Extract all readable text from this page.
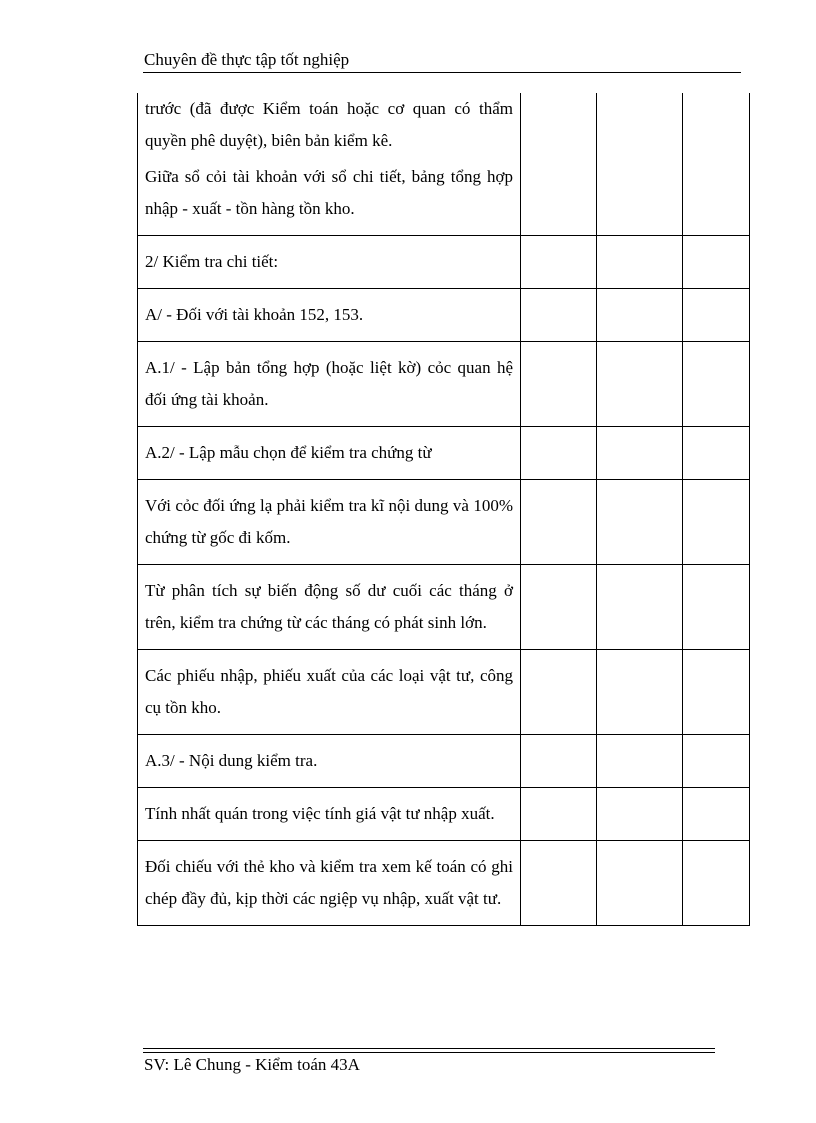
Chuyên đề thực tập tốt nghiệp
trước (đã được Kiểm toán hoặc cơ quan có thẩm quyền phê duyệt), biên bản kiểm kê.
Giữa sổ cỏi tài khoản với sổ chi tiết, bảng tổng hợp nhập - xuất - tồn hàng tồn kho.			

2/ Kiểm tra chi tiết:			

A/ - Đối với tài khoản 152, 153.			

A.1/ - Lập bản tổng hợp (hoặc liệt kờ) cỏc quan hệ đối ứng tài khoản.			

A.2/ - Lập mẫu chọn để kiểm tra chứng từ			

Với cỏc đối ứng lạ phải kiểm tra kĩ nội dung và 100% chứng từ gốc đi kốm.			

Từ phân tích sự biến động số dư cuối các tháng ở trên, kiểm tra chứng từ các tháng có phát sinh lớn.			

Các phiếu nhập, phiếu xuất của các loại vật tư, công cụ tồn kho.			

A.3/ - Nội dung kiểm tra.			

Tính nhất quán trong việc tính giá vật tư nhập xuất.			

Đối chiếu với thẻ kho và kiểm tra xem kế toán có ghi chép đầy đủ, kịp thời các ngiệp vụ nhập, xuất vật tư.			

SV: Lê Chung - Kiểm toán 43A
